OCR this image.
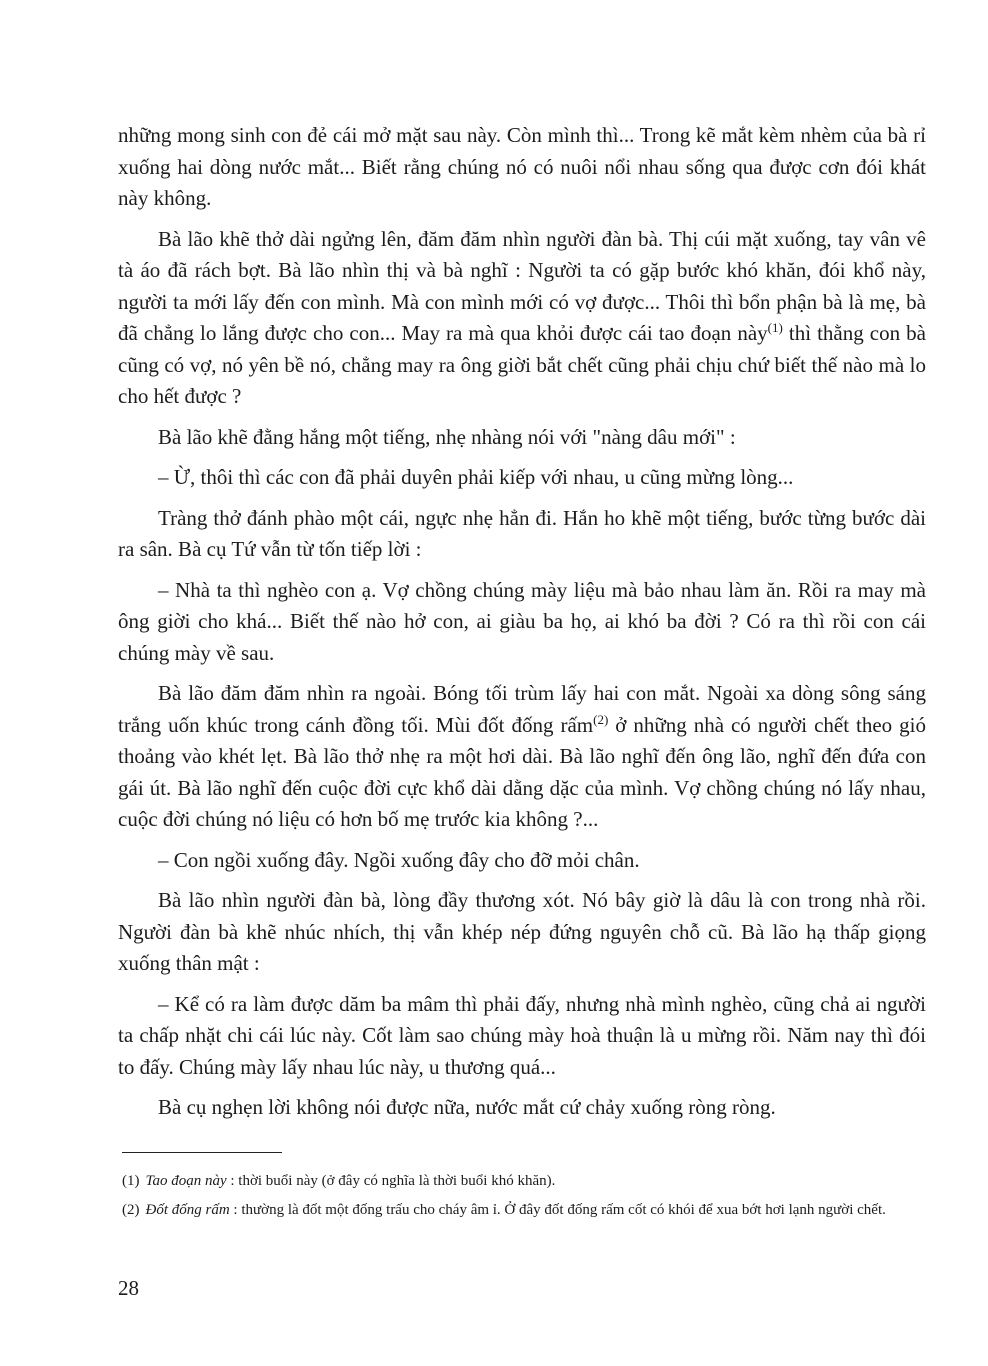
những mong sinh con đẻ cái mở mặt sau này. Còn mình thì... Trong kẽ mắt kèm nhèm của bà rỉ xuống hai dòng nước mắt... Biết rằng chúng nó có nuôi nổi nhau sống qua được cơn đói khát này không.

Bà lão khẽ thở dài ngửng lên, đăm đăm nhìn người đàn bà. Thị cúi mặt xuống, tay vân vê tà áo đã rách bợt. Bà lão nhìn thị và bà nghĩ : Người ta có gặp bước khó khăn, đói khổ này, người ta mới lấy đến con mình. Mà con mình mới có vợ được... Thôi thì bổn phận bà là mẹ, bà đã chẳng lo lắng được cho con... May ra mà qua khỏi được cái tao đoạn này$^{(1)}$ thì thằng con bà cũng có vợ, nó yên bề nó, chẳng may ra ông giời bắt chết cũng phải chịu chứ biết thế nào mà lo cho hết được ?

Bà lão khẽ đằng hắng một tiếng, nhẹ nhàng nói với "nàng dâu mới" :

– Ừ, thôi thì các con đã phải duyên phải kiếp với nhau, u cũng mừng lòng...

Tràng thở đánh phào một cái, ngực nhẹ hẳn đi. Hắn ho khẽ một tiếng, bước từng bước dài ra sân. Bà cụ Tứ vẫn từ tốn tiếp lời :

– Nhà ta thì nghèo con ạ. Vợ chồng chúng mày liệu mà bảo nhau làm ăn. Rồi ra may mà ông giời cho khá... Biết thế nào hở con, ai giàu ba họ, ai khó ba đời ? Có ra thì rồi con cái chúng mày về sau.

Bà lão đăm đăm nhìn ra ngoài. Bóng tối trùm lấy hai con mắt. Ngoài xa dòng sông sáng trắng uốn khúc trong cánh đồng tối. Mùi đốt đống rấm$^{(2)}$ ở những nhà có người chết theo gió thoảng vào khét lẹt. Bà lão thở nhẹ ra một hơi dài. Bà lão nghĩ đến ông lão, nghĩ đến đứa con gái út. Bà lão nghĩ đến cuộc đời cực khổ dài dằng dặc của mình. Vợ chồng chúng nó lấy nhau, cuộc đời chúng nó liệu có hơn bố mẹ trước kia không ?...

– Con ngồi xuống đây. Ngồi xuống đây cho đỡ mỏi chân.

Bà lão nhìn người đàn bà, lòng đầy thương xót. Nó bây giờ là dâu là con trong nhà rồi. Người đàn bà khẽ nhúc nhích, thị vẫn khép nép đứng nguyên chỗ cũ. Bà lão hạ thấp giọng xuống thân mật :

– Kể có ra làm được dăm ba mâm thì phải đấy, nhưng nhà mình nghèo, cũng chả ai người ta chấp nhặt chi cái lúc này. Cốt làm sao chúng mày hoà thuận là u mừng rồi. Năm nay thì đói to đấy. Chúng mày lấy nhau lúc này, u thương quá...

Bà cụ nghẹn lời không nói được nữa, nước mắt cứ chảy xuống ròng ròng.

(1) Tao đoạn này : thời buổi này (ở đây có nghĩa là thời buổi khó khăn).

(2) Đốt đống rấm : thường là đốt một đống trấu cho cháy âm ỉ. Ở đây đốt đống rấm cốt có khói để xua bớt hơi lạnh người chết.

28
